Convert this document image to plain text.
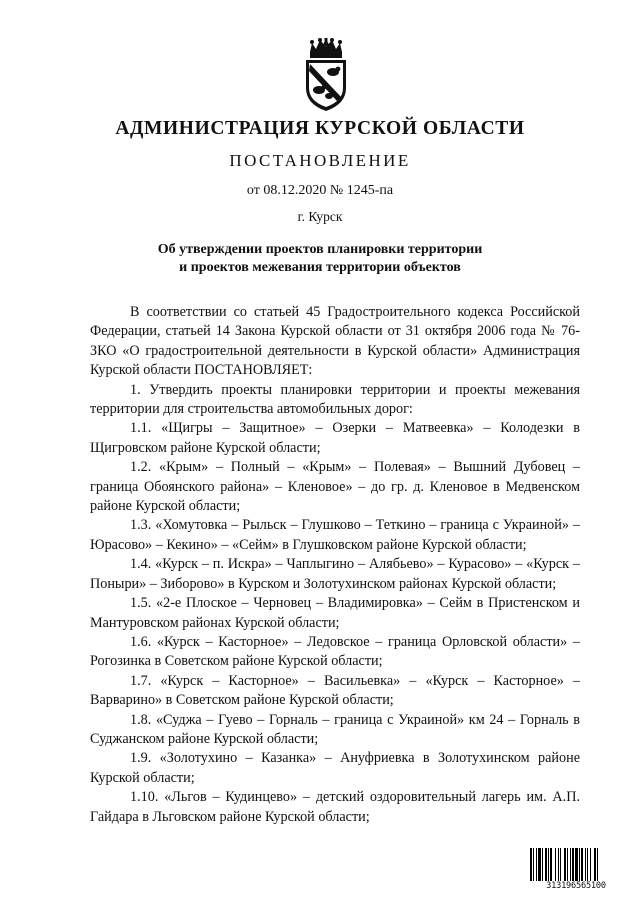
АДМИНИСТРАЦИЯ КУРСКОЙ ОБЛАСТИ
ПОСТАНОВЛЕНИЕ
от 08.12.2020 № 1245-па
г. Курск
Об утверждении проектов планировки территории
и проектов межевания территории объектов

В соответствии со статьей 45 Градостроительного кодекса Российской Федерации, статьей 14 Закона Курской области от 31 октября 2006 года № 76-ЗКО «О градостроительной деятельности в Курской области» Администрация Курской области ПОСТАНОВЛЯЕТ:

1. Утвердить проекты планировки территории и проекты межевания территории для строительства автомобильных дорог:

1.1. «Щигры – Защитное» – Озерки – Матвеевка» – Колодезки в Щигровском районе Курской области;

1.2. «Крым» – Полный – «Крым» – Полевая» – Вышний Дубовец – граница Обоянского района» – Кленовое» – до гр. д. Кленовое в Медвенском районе Курской области;

1.3. «Хомутовка – Рыльск – Глушково – Теткино – граница с Украиной» – Юрасово» – Кекино» – «Сейм» в Глушковском районе Курской области;

1.4. «Курск – п. Искра» – Чаплыгино – Алябьево» – Курасово» – «Курск – Поныри» – Зиборово» в Курском и Золотухинском районах Курской области;

1.5. «2-е Плоское – Черновец – Владимировка» – Сейм в Пристенском и Мантуровском районах Курской области;

1.6. «Курск – Касторное» – Ледовское – граница Орловской области» – Рогозинка в Советском районе Курской области;

1.7. «Курск – Касторное» – Васильевка» – «Курск – Касторное» – Варварино» в Советском районе Курской области;

1.8. «Суджа – Гуево – Горналь – граница с Украиной» км 24 – Горналь в Суджанском районе Курской области;

1.9. «Золотухино – Казанка» – Ануфриевка в Золотухинском районе Курской области;

1.10. «Льгов – Кудинцево» – детский оздоровительный лагерь им. А.П. Гайдара в Льговском районе Курской области;

313196565100
